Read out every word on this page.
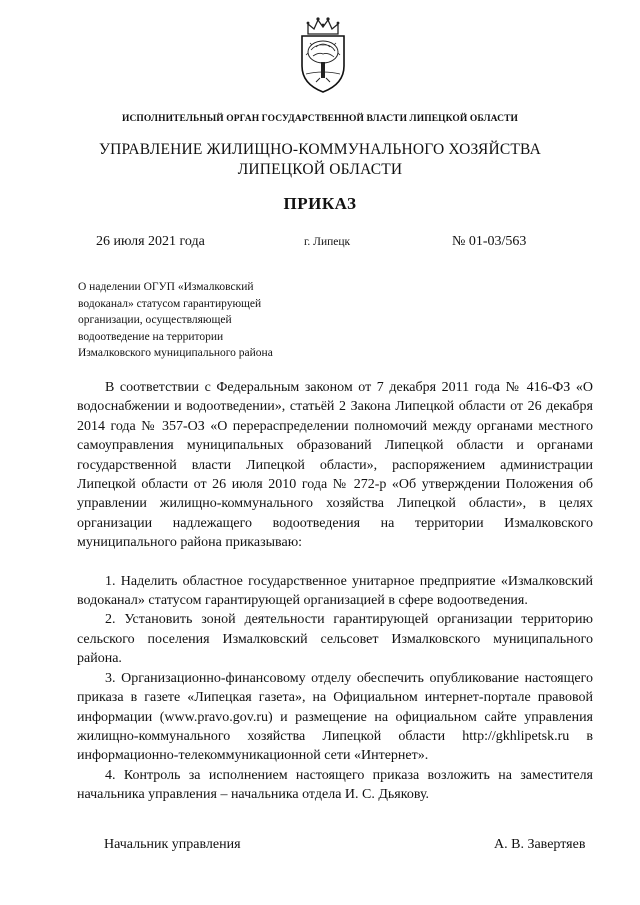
ИСПОЛНИТЕЛЬНЫЙ ОРГАН ГОСУДАРСТВЕННОЙ ВЛАСТИ ЛИПЕЦКОЙ ОБЛАСТИ
УПРАВЛЕНИЕ ЖИЛИЩНО-КОММУНАЛЬНОГО ХОЗЯЙСТВА
ЛИПЕЦКОЙ ОБЛАСТИ
ПРИКАЗ
26 июля 2021 года	г. Липецк	№ 01-03/563
О наделении ОГУП «Измалковский
водоканал» статусом гарантирующей
организации, осуществляющей
водоотведение на территории
Измалковского муниципального района

В соответствии с Федеральным законом от 7 декабря 2011 года № 416-ФЗ «О водоснабжении и водоотведении», статьёй 2 Закона Липецкой области от 26 декабря 2014 года № 357-ОЗ «О перераспределении полномочий между органами местного самоуправления муниципальных образований Липецкой области и органами государственной власти Липецкой области», распоряжением администрации Липецкой области от 26 июля 2010 года № 272-р «Об утверждении Положения об управлении жилищно-коммунального хозяйства Липецкой области», в целях организации надлежащего водоотведения на территории Измалковского муниципального района приказываю:

1. Наделить областное государственное унитарное предприятие «Измалковский водоканал» статусом гарантирующей организацией в сфере водоотведения.

2. Установить зоной деятельности гарантирующей организации территорию сельского поселения Измалковский сельсовет Измалковского муниципального района.

3. Организационно-финансовому отделу обеспечить опубликование настоящего приказа в газете «Липецкая газета», на Официальном интернет-портале правовой информации (www.pravo.gov.ru) и размещение на официальном сайте управления жилищно-коммунального хозяйства Липецкой области http://gkhlipetsk.ru в информационно-телекоммуникационной сети «Интернет».

4. Контроль за исполнением настоящего приказа возложить на заместителя начальника управления – начальника отдела И. С. Дьякову.

Начальник управления	А. В. Завертяев
